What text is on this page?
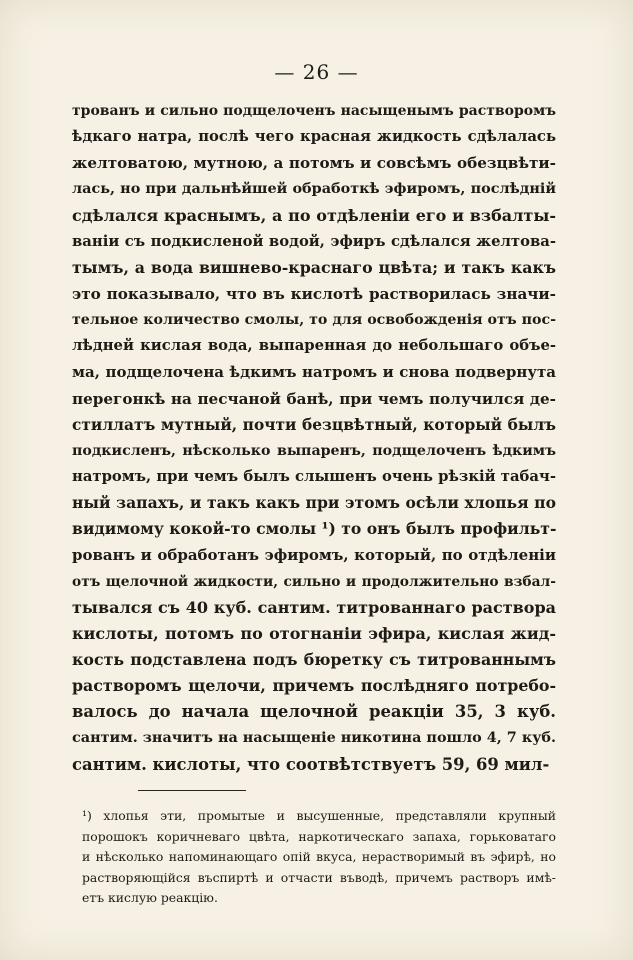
— 26 —
трованъ и сильно подщелоченъ насыщенымъ растворомъ
ѣдкаго натра, послѣ чего красная жидкость сдѣлалась
желтоватою, мутною, а потомъ и совсѣмъ обезцвѣти-
лась, но при дальнѣйшей обработкѣ эфиромъ, послѣдній
сдѣлался краснымъ, а по отдѣленіи его и взбалты-
ваніи съ подкисленой водой, эфиръ сдѣлался желтова-
тымъ, а вода вишнево-краснаго цвѣта; и такъ какъ
это показывало, что въ кислотѣ растворилась значи-
тельное количество смолы, то для освобожденія отъ пос-
лѣдней кислая вода, выпаренная до небольшаго объе-
ма, подщелочена ѣдкимъ натромъ и снова подвернута
перегонкѣ на песчаной банѣ, при чемъ получился де-
стиллатъ мутный, почти безцвѣтный, который былъ
подкисленъ, нѣсколько выпаренъ, подщелоченъ ѣдкимъ
натромъ, при чемъ былъ слышенъ очень рѣзкій табач-
ный запахъ, и такъ какъ при этомъ осѣли хлопья по
видимому кокой-то смолы ¹) то онъ былъ профильт-
рованъ и обработанъ эфиромъ, который, по отдѣленіи
отъ щелочной жидкости, сильно и продолжительно взбал-
тывался съ 40 куб. сантим. титрованнаго раствора
кислоты, потомъ по отогнаніи эфира, кислая жид-
кость подставлена подъ бюретку съ титрованнымъ
растворомъ щелочи, причемъ послѣдняго потребо-
валось до начала щелочной реакціи 35, 3 куб.
сантим. значитъ на насыщеніе никотина пошло 4, 7 куб.
сантим. кислоты, что соотвѣтствуетъ 59, 69 мил-
¹) хлопья эти, промытые и высушенные, представляли крупный
порошокъ коричневаго цвѣта, наркотическаго запаха, горьковатаго
и нѣсколько напоминающаго опій вкуса, нерастворимый въ эфирѣ, но
растворяющійся въспиртѣ и отчасти въводѣ, причемъ растворъ имѣ-
етъ кислую реакцію.
